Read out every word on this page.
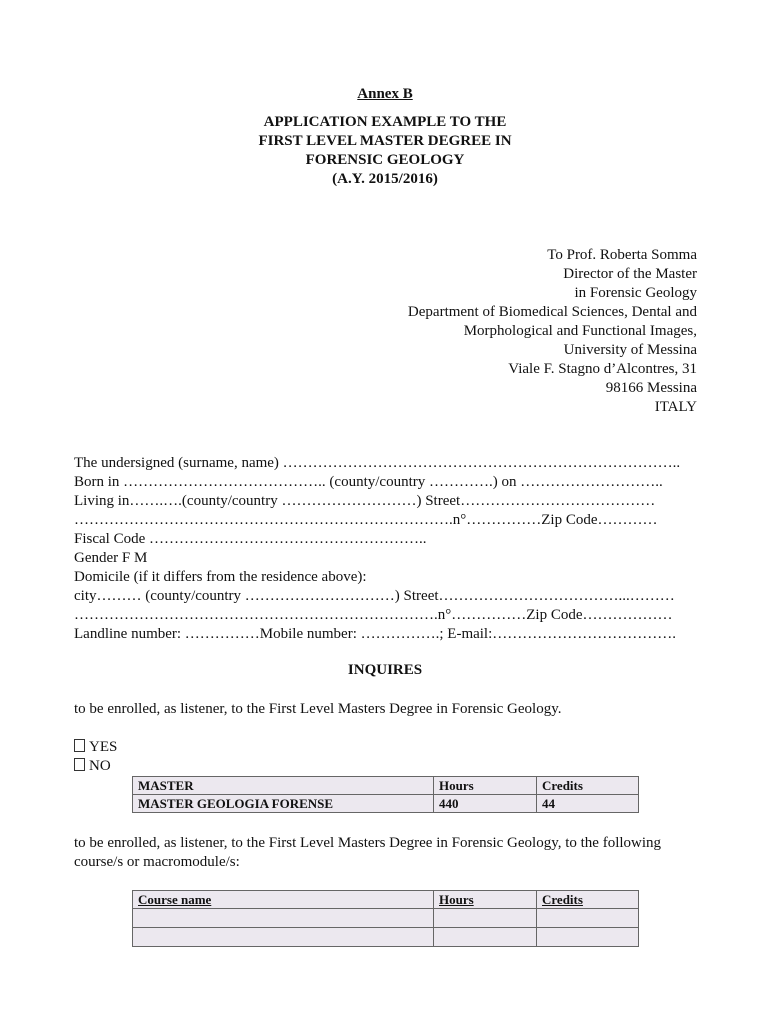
Annex B
APPLICATION EXAMPLE TO THE
FIRST LEVEL MASTER DEGREE IN
FORENSIC GEOLOGY
(A.Y. 2015/2016)
To Prof. Roberta Somma
Director of the Master
in Forensic Geology
Department of Biomedical Sciences, Dental and
Morphological and Functional Images,
University of Messina
Viale F. Stagno d’Alcontres, 31
98166 Messina
ITALY
The undersigned (surname, name) ……………………………………………………………………..
Born in ………………………………….. (county/country ………….) on ………………………..
Living in…….….(county/country ………………………) Street…………………………………
………………………………………………………………….n°……………Zip Code…………
Fiscal Code ………………………………………………..
Gender F M
Domicile (if it differs from the residence above):
city……… (county/country …………………………) Street………………………………...………
……………………………………………………………….n°……………Zip Code………………
Landline number: ……………Mobile number: …………….; E-mail:……………………………….
INQUIRES
to be enrolled, as listener, to the First Level Masters Degree in Forensic Geology.
YES
NO
MASTER	Hours	Credits
MASTER GEOLOGIA FORENSE	440	44
to be enrolled, as listener, to the First Level Masters Degree in Forensic Geology, to the following
course/s or macromodule/s:
Course name	Hours	Credits
